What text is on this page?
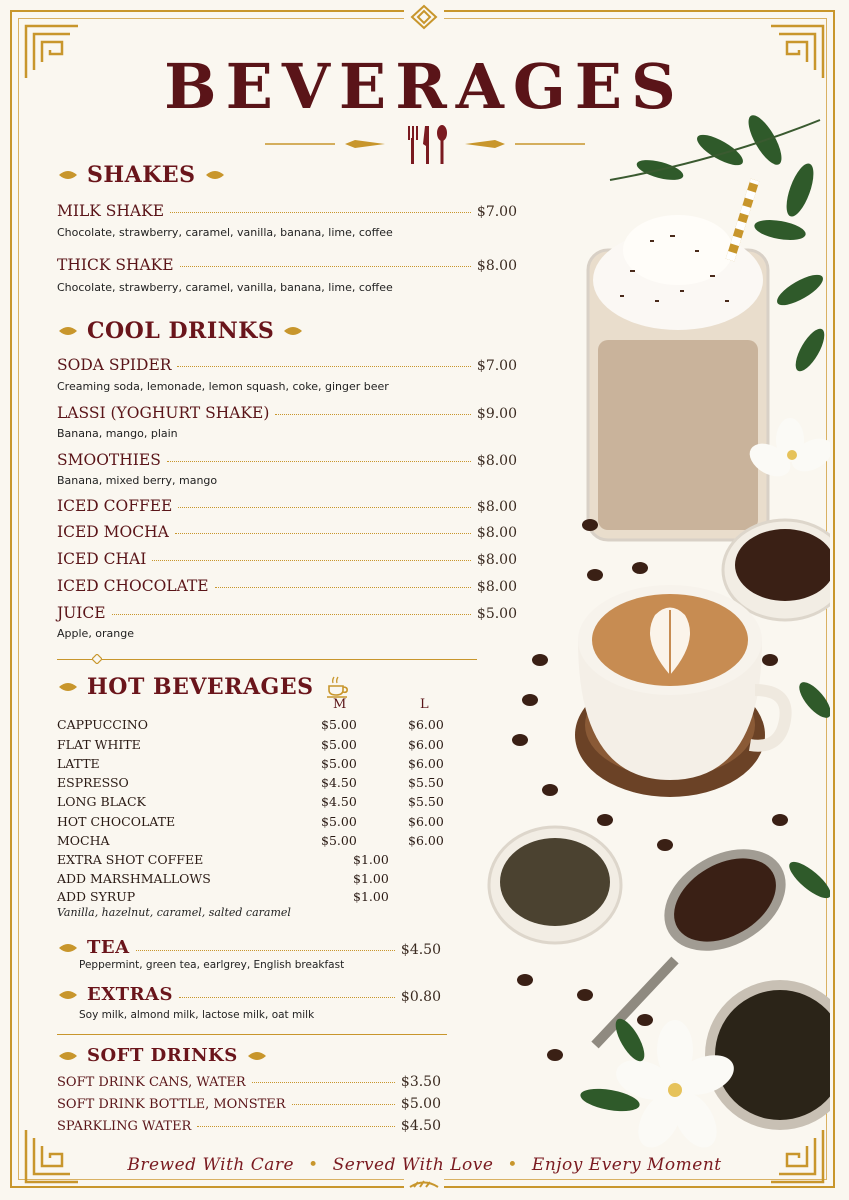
BEVERAGES
SHAKES
MILK SHAKE	$7.00
Chocolate, strawberry, caramel, vanilla, banana, lime, coffee
THICK SHAKE	$8.00
Chocolate, strawberry, caramel, vanilla, banana, lime, coffee
COOL DRINKS
SODA SPIDER	$7.00
Creaming soda, lemonade, lemon squash, coke, ginger beer
LASSI (YOGHURT SHAKE)	$9.00
Banana, mango, plain
SMOOTHIES	$8.00
Banana, mixed berry, mango
ICED COFFEE	$8.00
ICED MOCHA	$8.00
ICED CHAI	$8.00
ICED CHOCOLATE	$8.00
JUICE	$5.00
Apple, orange
HOT BEVERAGES
M	L
CAPPUCCINO	$5.00	$6.00
FLAT WHITE	$5.00	$6.00
LATTE	$5.00	$6.00
ESPRESSO	$4.50	$5.50
LONG BLACK	$4.50	$5.50
HOT CHOCOLATE	$5.00	$6.00
MOCHA	$5.00	$6.00
EXTRA SHOT COFFEE	$1.00
ADD MARSHMALLOWS	$1.00
ADD SYRUP	$1.00
Vanilla, hazelnut, caramel, salted caramel
TEA	$4.50
Peppermint, green tea, earlgrey, English breakfast
EXTRAS	$0.80
Soy milk, almond milk, lactose milk, oat milk
SOFT DRINKS
SOFT DRINK CANS, WATER	$3.50
SOFT DRINK BOTTLE, MONSTER	$5.00
SPARKLING WATER	$4.50
Brewed With Care • Served With Love • Enjoy Every Moment
